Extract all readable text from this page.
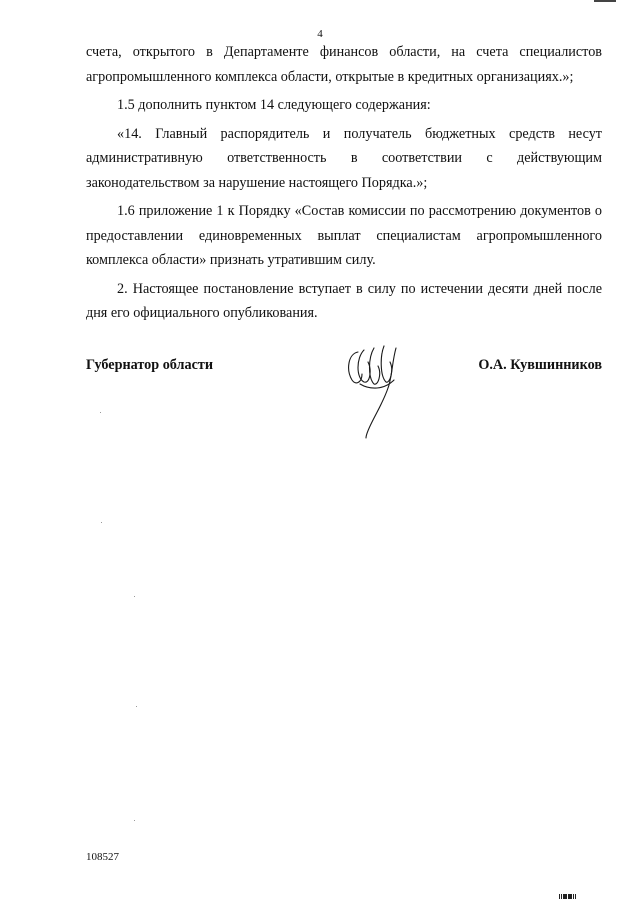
4

счета, открытого в Департаменте финансов области, на счета специалистов агропромышленного комплекса области, открытые в кредитных организациях.»;

1.5 дополнить пунктом 14 следующего содержания:

«14. Главный распорядитель и получатель бюджетных средств несут административную ответственность в соответствии с действующим законодательством за нарушение настоящего Порядка.»;

1.6 приложение 1 к Порядку «Состав комиссии по рассмотрению документов о предоставлении единовременных выплат специалистам агропромышленного комплекса области» признать утратившим силу.

2. Настоящее постановление вступает в силу по истечении десяти дней после дня его официального опубликования.

Губернатор области	О.А. Кувшинников
108527
